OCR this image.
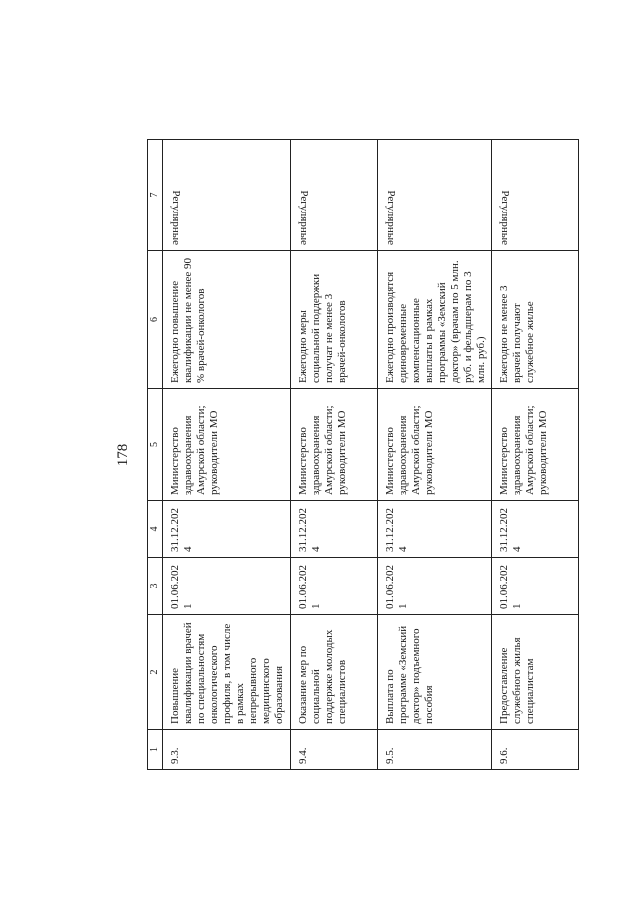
178
1	2	3	4	5	6	7
9.3.	Повышение квалификации врачей по специальностям онкологического профиля, в том числе в рамках непрерывного медицинского образования	01.06.2021	31.12.2024	Министерство здравоохранения Амурской области; руководители МО	Ежегодно повышение квалификации не менее 90 % врачей-онкологов	Регулярные
9.4.	Оказание мер по социальной поддержке молодых специалистов	01.06.2021	31.12.2024	Министерство здравоохранения Амурской области; руководители МО	Ежегодно меры социальной поддержки получат не менее 3 врачей-онкологов	Регулярные
9.5.	Выплата по программе «Земский доктор» подъемного пособия	01.06.2021	31.12.2024	Министерство здравоохранения Амурской области; руководители МО	Ежегодно производятся единовременные компенсационные выплаты в рамках программы «Земский доктор» (врачам по 5 млн. руб. и фельдшерам по 3 млн. руб.)	Регулярные
9.6.	Предоставление служебного жилья специалистам	01.06.2021	31.12.2024	Министерство здравоохранения Амурской области; руководители МО	Ежегодно не менее 3 врачей получают служебное жилье	Регулярные
